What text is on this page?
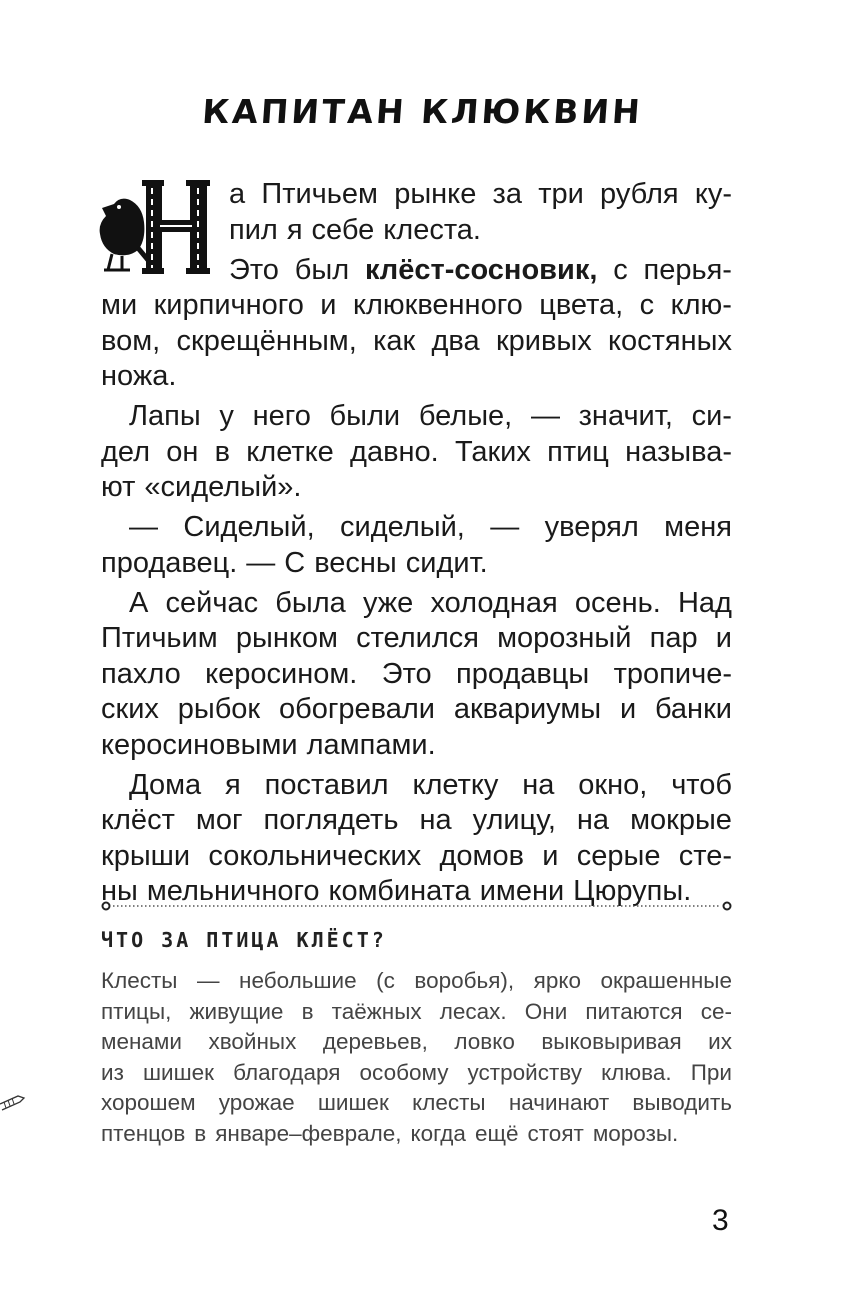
КАПИТАН КЛЮКВИН
а Птичьем рынке за три рубля ку-
пил я себе клеста.
Это был клёст-сосновик, с перья-
ми кирпичного и клюквенного цвета, с клю-
вом, скрещённым, как два кривых костяных
ножа.
Лапы у него были белые, — значит, си-
дел он в клетке давно. Таких птиц называ-
ют «сиделый».
— Сиделый, сиделый, — уверял меня
продавец. — С весны сидит.
А сейчас была уже холодная осень. Над
Птичьим рынком стелился морозный пар и
пахло керосином. Это продавцы тропиче-
ских рыбок обогревали аквариумы и банки
керосиновыми лампами.
Дома я поставил клетку на окно, чтоб
клёст мог поглядеть на улицу, на мокрые
крыши сокольнических домов и серые сте-
ны мельничного комбината имени Цюрупы.
ЧТО ЗА ПТИЦА КЛЁСТ?
Клесты — небольшие (с воробья), ярко окрашенные
птицы, живущие в таёжных лесах. Они питаются се-
менами хвойных деревьев, ловко выковыривая их
из шишек благодаря особому устройству клюва. При
хорошем урожае шишек клесты начинают выводить
птенцов в январе–феврале, когда ещё стоят морозы.
3
